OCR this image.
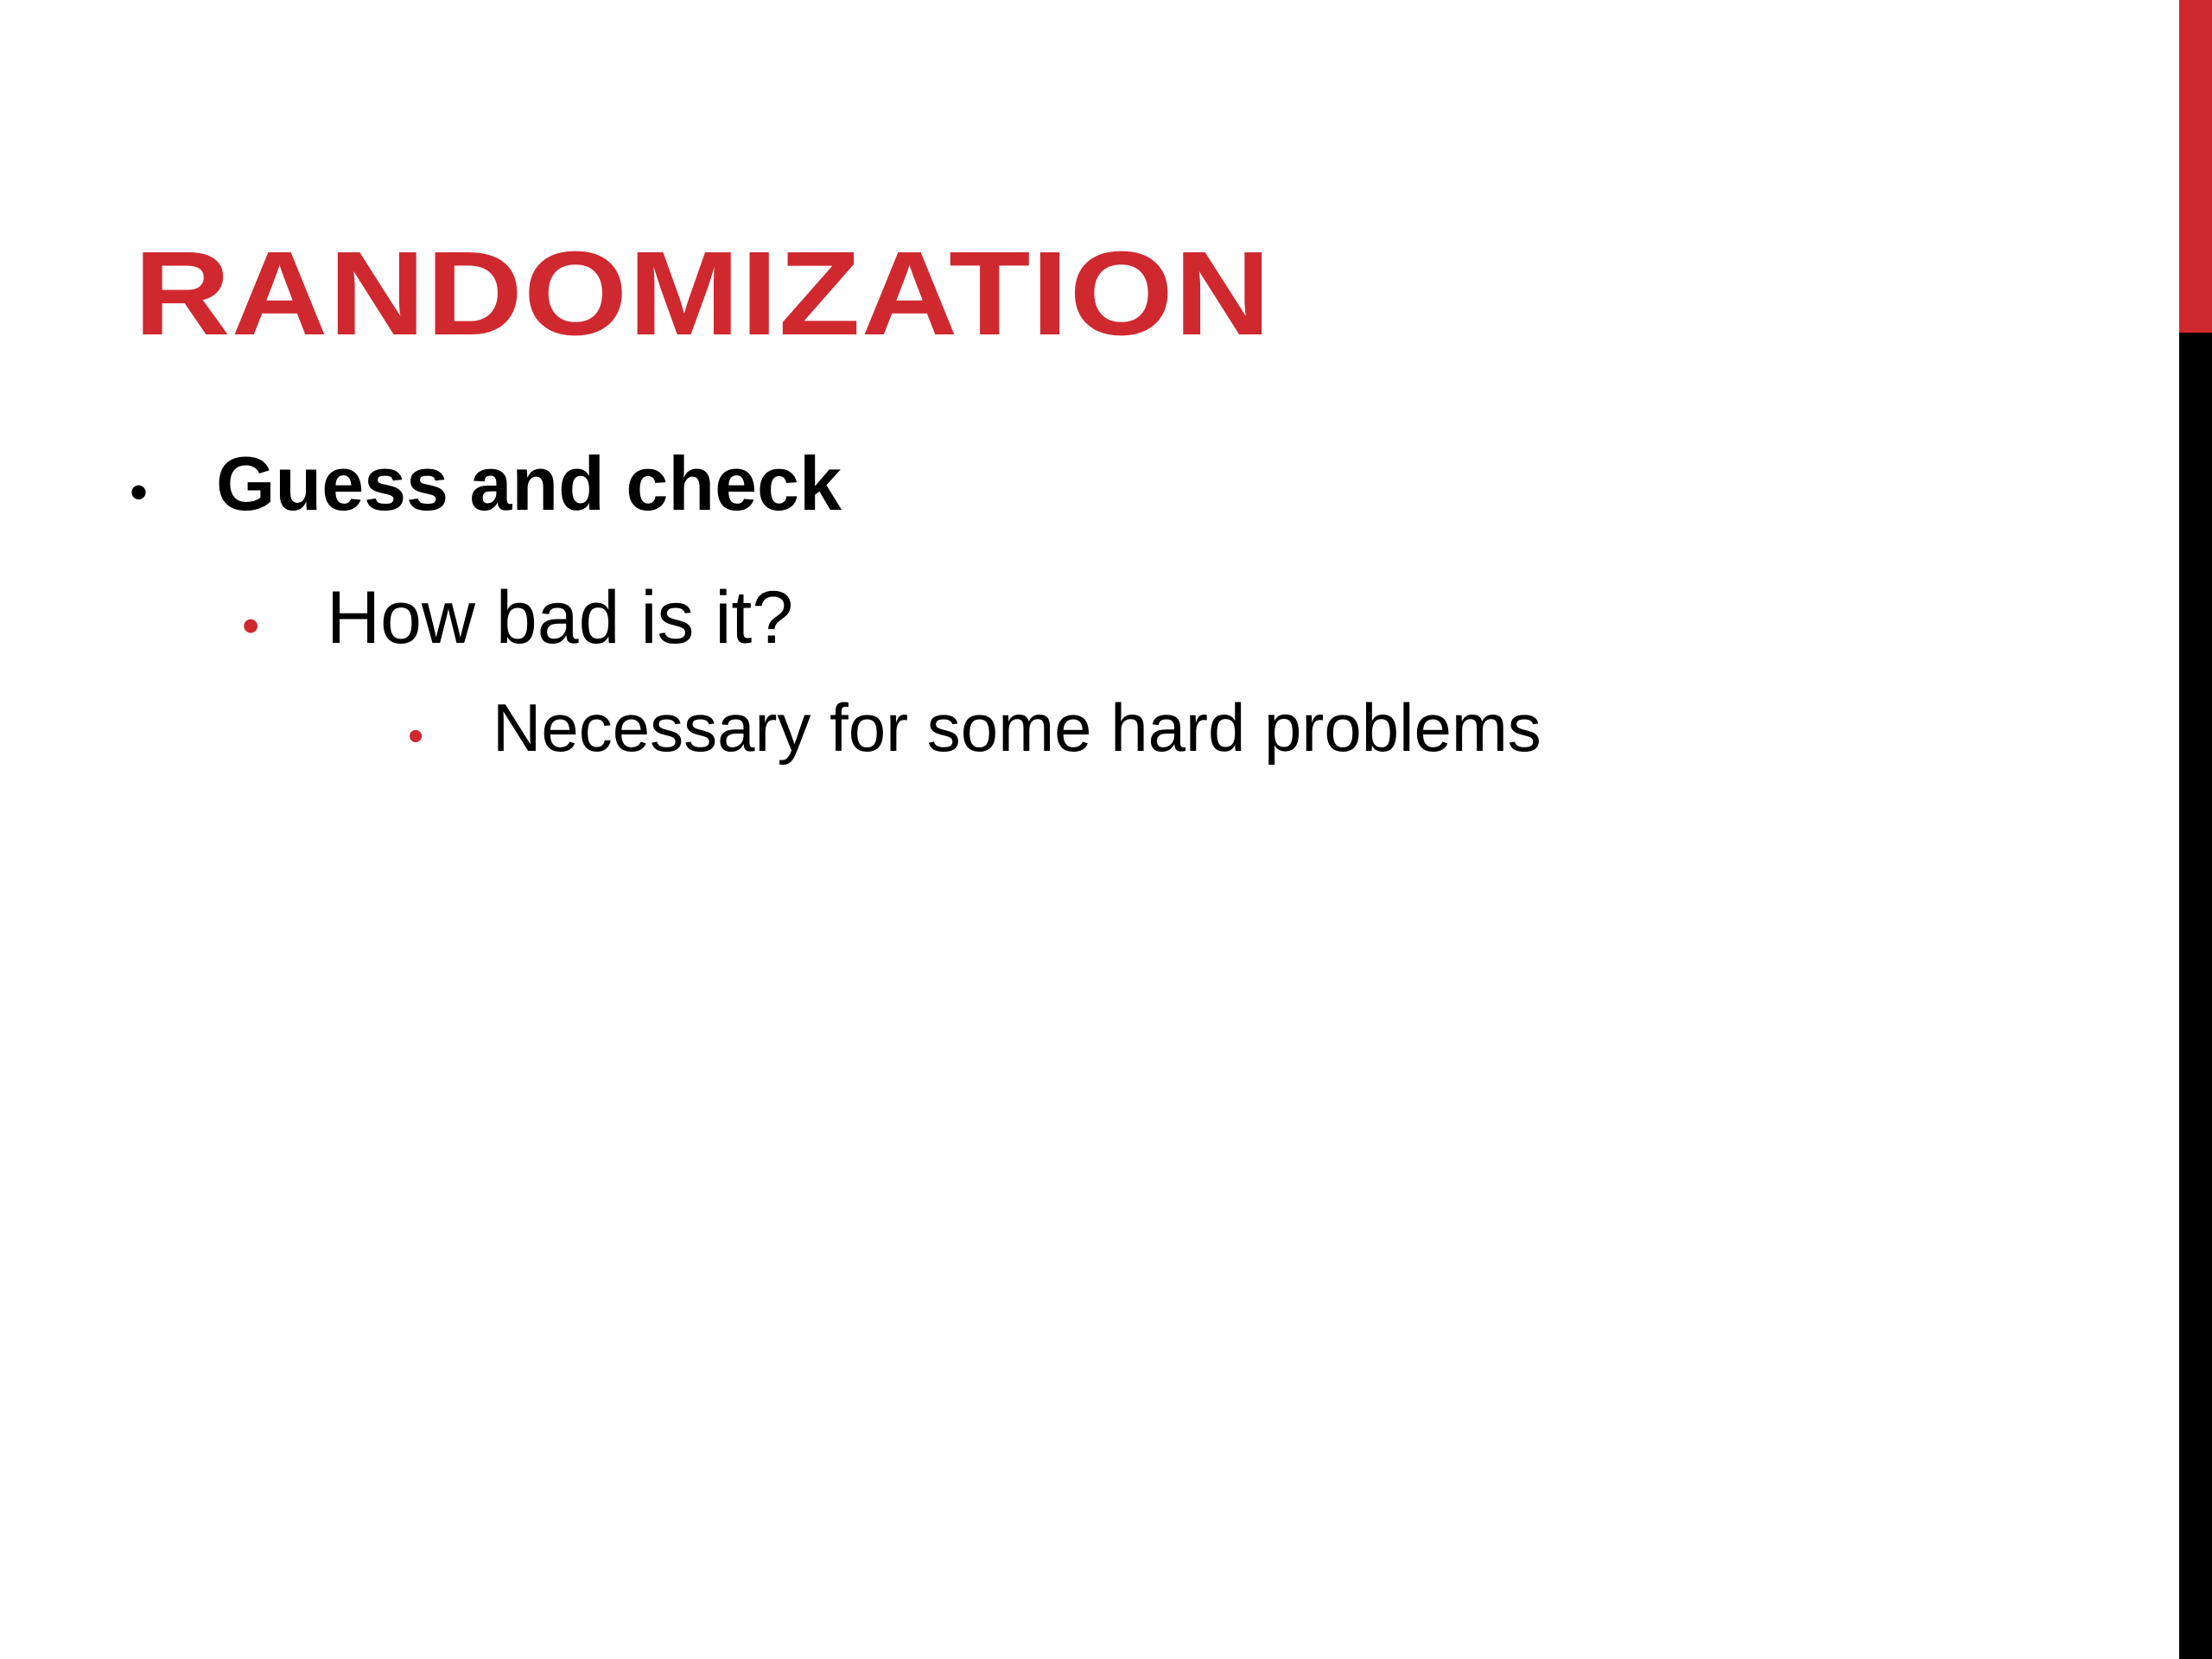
RANDOMIZATION
• Guess and check
• How bad is it?
•	Necessary for some hard problems
